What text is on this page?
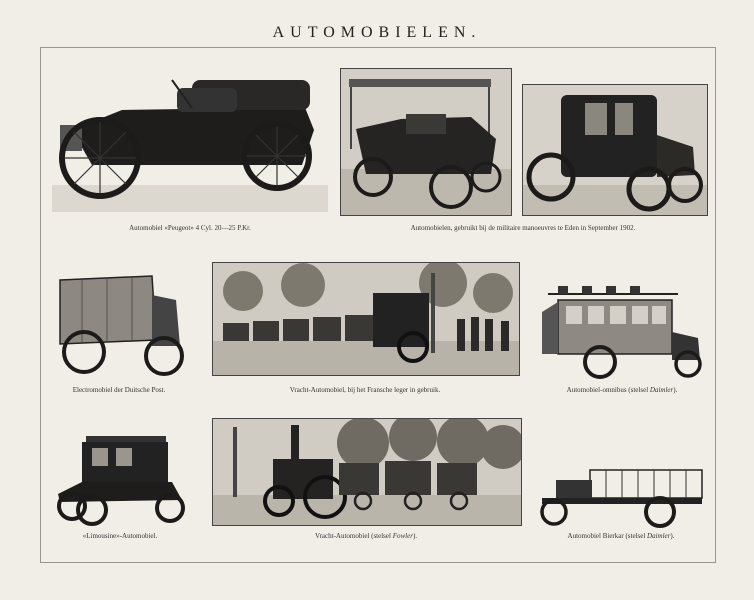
AUTOMOBIELEN.
Automobiel «Peugeot» 4 Cyl. 20—25 P.Kr.	Automobielen, gebruikt bij de militaire manoeuvres te Eden in September 1902.
Electromobiel der Duitsche Post.	Vracht-Automobiel, bij het Fransche leger in gebruik.	Automobiel-omnibus (stelsel Daimler).
«Limousine»-Automobiel.	Vracht-Automobiel (stelsel Fowler).	Automobiel Bierkar (stelsel Daimler).
